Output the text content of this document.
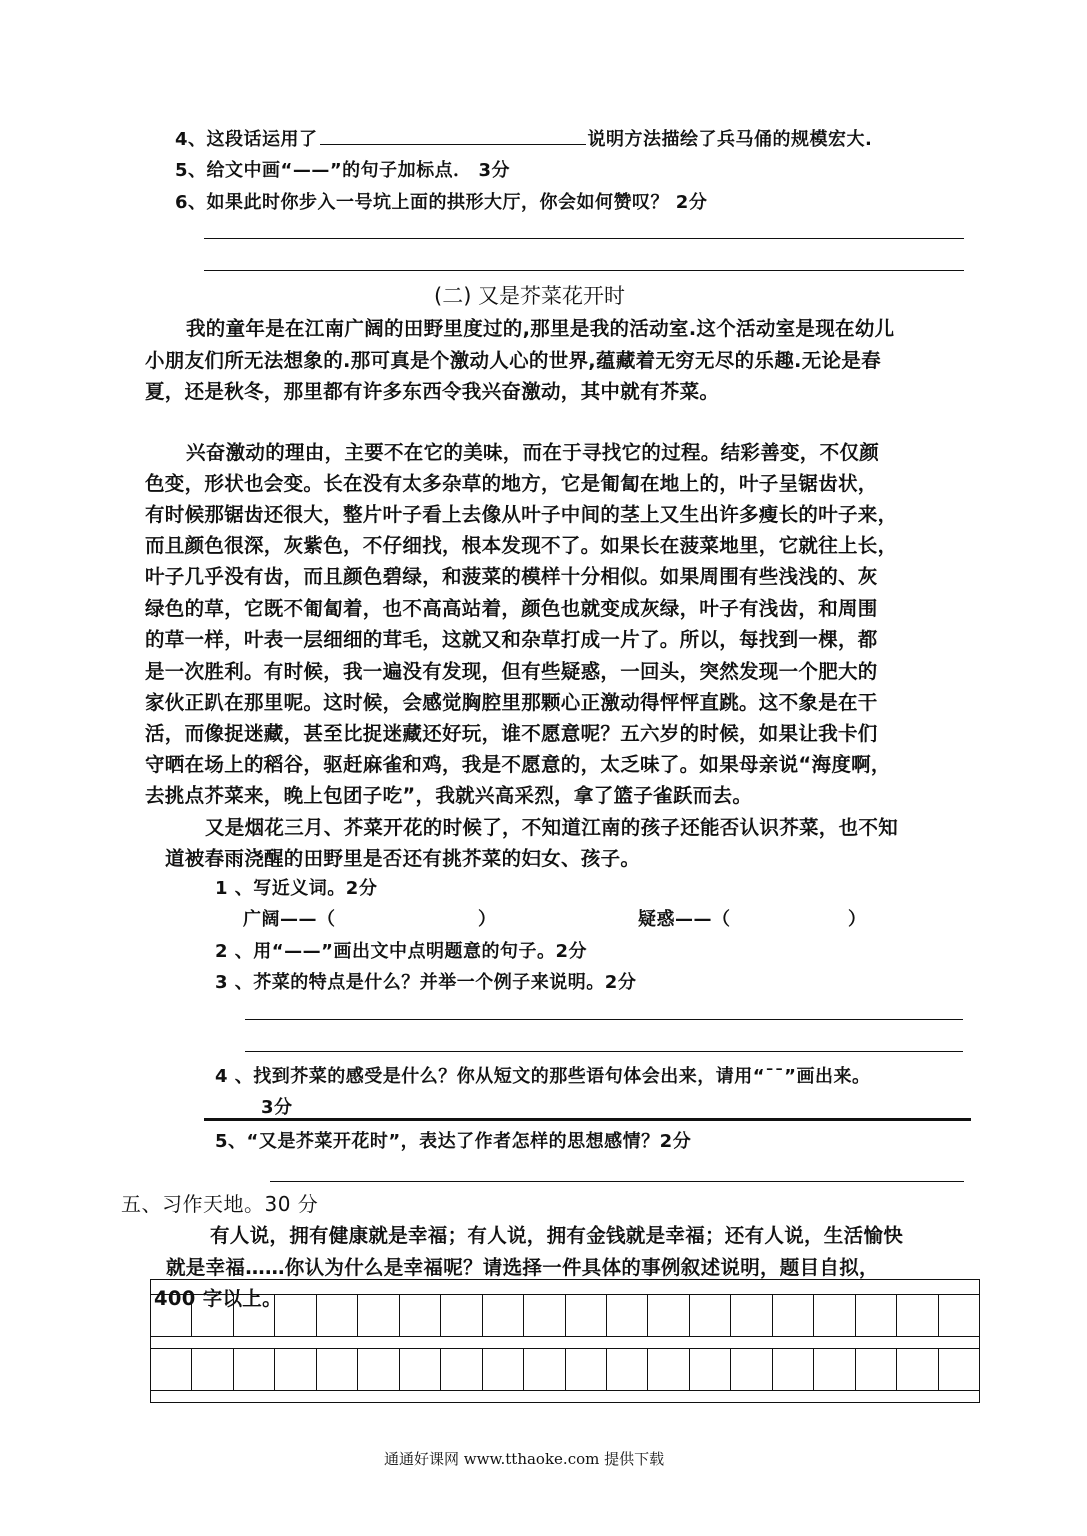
4、这段话运用了	说明方法描绘了兵马俑的规模宏大.
5、给文中画“——”的句子加标点． 3分
6、如果此时你步入一号坑上面的拱形大厅，你会如何赞叹？ 2分
(二) 又是芥菜花开时
我的童年是在江南广阔的田野里度过的,那里是我的活动室.这个活动室是现在幼儿
小朋友们所无法想象的.那可真是个激动人心的世界,蕴藏着无穷无尽的乐趣.无论是春
夏，还是秋冬，那里都有许多东西令我兴奋激动，其中就有芥菜。
兴奋激动的理由，主要不在它的美味，而在于寻找它的过程。结彩善变，不仅颜
色变，形状也会变。长在没有太多杂草的地方，它是匍匐在地上的，叶子呈锯齿状，
有时候那锯齿还很大，整片叶子看上去像从叶子中间的茎上又生出许多瘦长的叶子来，
而且颜色很深，灰紫色，不仔细找，根本发现不了。如果长在菠菜地里，它就往上长，
叶子几乎没有齿，而且颜色碧绿，和菠菜的模样十分相似。如果周围有些浅浅的、灰
绿色的草，它既不匍匐着，也不高高站着，颜色也就变成灰绿，叶子有浅齿，和周围
的草一样，叶表一层细细的茸毛，这就又和杂草打成一片了。所以，每找到一棵，都
是一次胜利。有时候，我一遍没有发现，但有些疑惑，一回头，突然发现一个肥大的
家伙正趴在那里呢。这时候，会感觉胸腔里那颗心正激动得怦怦直跳。这不象是在干
活，而像捉迷藏，甚至比捉迷藏还好玩，谁不愿意呢？五六岁的时候，如果让我卡们
守晒在场上的稻谷，驱赶麻雀和鸡，我是不愿意的，太乏味了。如果母亲说“海度啊，
去挑点芥菜来，晚上包团子吃”，我就兴高采烈，拿了篮子雀跃而去。
又是烟花三月、芥菜开花的时候了，不知道江南的孩子还能否认识芥菜，也不知
道被春雨浇醒的田野里是否还有挑芥菜的妇女、孩子。
1 、写近义词。2分
广阔——（	）	疑惑——（	）
2 、用“——”画出文中点明题意的句子。2分
3 、芥菜的特点是什么？并举一个例子来说明。2分
4 、找到芥菜的感受是什么？你从短文的那些语句体会出来，请用“¯¯”画出来。
3分
5、“又是芥菜开花时”，表达了作者怎样的思想感情？2分
五、习作天地。30 分
有人说，拥有健康就是幸福；有人说，拥有金钱就是幸福；还有人说，生活愉快
就是幸福……你认为什么是幸福呢？请选择一件具体的事例叙述说明，题目自拟，
400 字以上。
通通好课网 www.tthaoke.com 提供下载
